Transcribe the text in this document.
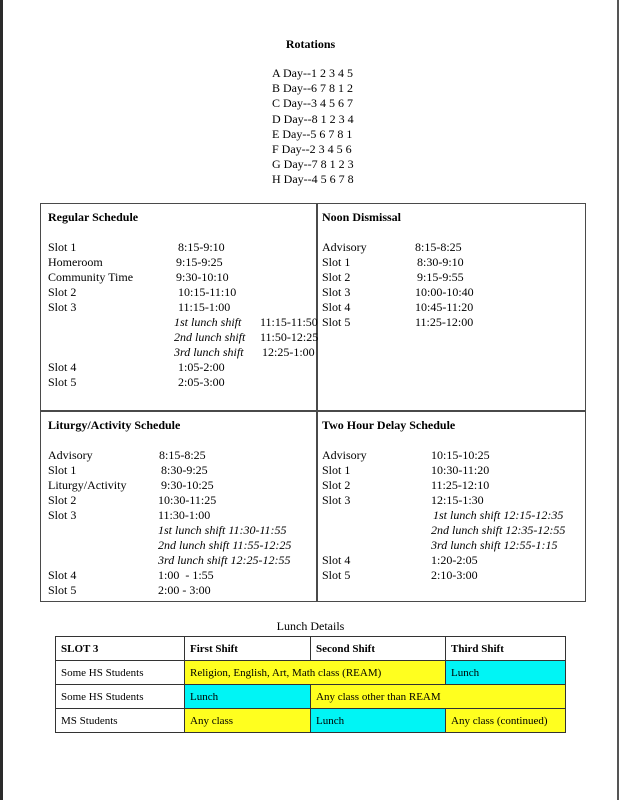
Rotations
A Day--1 2 3 4 5
B Day--6 7 8 1 2
C Day--3 4 5 6 7
D Day--8 1 2 3 4
E Day--5 6 7 8 1
F Day--2 3 4 5 6
G Day--7 8 1 2 3
H Day--4 5 6 7 8
Regular Schedule
Slot 1	8:15-9:10
Homeroom	9:15-9:25
Community Time	9:30-10:10
Slot 2	10:15-11:10
Slot 3	11:15-1:00
1st lunch shift 11:15-11:50
2nd lunch shift 11:50-12:25
3rd lunch shift 12:25-1:00
Slot 4	1:05-2:00
Slot 5	2:05-3:00
Noon Dismissal
Advisory	8:15-8:25
Slot 1	8:30-9:10
Slot 2	9:15-9:55
Slot 3	10:00-10:40
Slot 4	10:45-11:20
Slot 5	11:25-12:00
Liturgy/Activity Schedule
Advisory	8:15-8:25
Slot 1	8:30-9:25
Liturgy/Activity	9:30-10:25
Slot 2	10:30-11:25
Slot 3	11:30-1:00
1st lunch shift 11:30-11:55
2nd lunch shift 11:55-12:25
3rd lunch shift 12:25-12:55
Slot 4	1:00  - 1:55
Slot 5	2:00 - 3:00
Two Hour Delay Schedule
Advisory	10:15-10:25
Slot 1	10:30-11:20
Slot 2	11:25-12:10
Slot 3	12:15-1:30
1st lunch shift 12:15-12:35
2nd lunch shift 12:35-12:55
3rd lunch shift 12:55-1:15
Slot 4	1:20-2:05
Slot 5	2:10-3:00
Lunch Details
SLOT 3	First Shift	Second Shift	Third Shift
Some HS Students	Religion, English, Art, Math class (REAM)		Lunch
Some HS Students	Lunch	Any class other than REAM	
MS Students	Any class	Lunch	Any class (continued)
